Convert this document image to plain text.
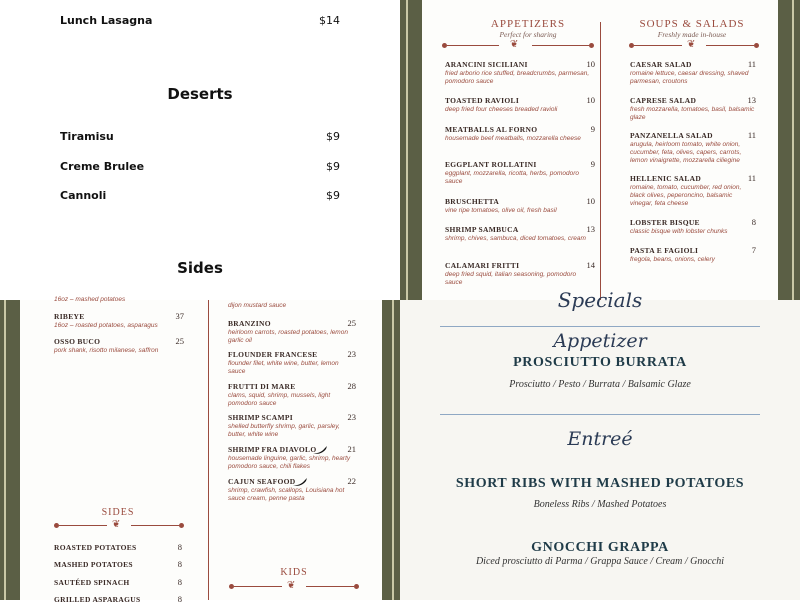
Lunch Lasagna	$14
Deserts
Tiramisu	$9
Creme Brulee	$9
Cannoli	$9
Sides
APPETIZERS
Perfect for sharing
❦
ARANCINI SICILIANI	10
fried arborio rice stuffed, breadcrumbs, parmesan, pomodoro sauce
TOASTED RAVIOLI	10
deep fried four cheeses breaded ravioli
MEATBALLS AL FORNO	9
housemade beef meatballs, mozzarella cheese
EGGPLANT ROLLATINI	9
eggplant, mozzarella, ricotta, herbs, pomodoro sauce
BRUSCHETTA	10
vine ripe tomatoes, olive oil, fresh basil
SHRIMP SAMBUCA	13
shrimp, chives, sambuca, diced tomatoes, cream
CALAMARI FRITTI	14
deep fried squid, italian seasoning, pomodoro sauce
SOUPS & SALADS
Freshly made in-house
❦
CAESAR SALAD	11
romaine lettuce, caesar dressing, shaved parmesan, croutons
CAPRESE SALAD	13
fresh mozzarella, tomatoes, basil, balsamic glaze
PANZANELLA SALAD	11
arugula, heirloom tomato, white onion, cucumber, feta, olives, capers, carrots, lemon vinaigrette, mozzarella ciliegine
HELLENIC SALAD	11
romaine, tomato, cucumber, red onion, black olives, peperoncino, balsamic vinegar, feta cheese
LOBSTER BISQUE	8
classic bisque with lobster chunks
PASTA E FAGIOLI	7
fregola, beans, onions, celery
16oz – mashed potatoes
RIBEYE	37
16oz – roasted potatoes, asparagus
OSSO BUCO	25
pork shank, risotto milanese, saffron
SIDES
❦
ROASTED POTATOES	8
MASHED POTATOES	8
SAUTÉED SPINACH	8
GRILLED ASPARAGUS	8
dijon mustard sauce
BRANZINO	25
heirloom carrots, roasted potatoes, lemon garlic oil
FLOUNDER FRANCESE	23
flounder filet, white wine, butter, lemon sauce
FRUTTI DI MARE	28
clams, squid, shrimp, mussels, light pomodoro sauce
SHRIMP SCAMPI	23
shelled butterfly shrimp, garlic, parsley, butter, white wine
SHRIMP FRA DIAVOLO	21
housemade linguine, garlic, shrimp, hearty pomodoro sauce, chili flakes
CAJUN SEAFOOD	22
shrimp, crawfish, scallops, Louisiana hot sauce cream, penne pasta
KIDS
❦
Specials
Appetizer
PROSCIUTTO BURRATA
Prosciutto / Pesto / Burrata / Balsamic Glaze
Entreé
SHORT RIBS WITH MASHED POTATOES
Boneless Ribs / Mashed Potatoes
GNOCCHI GRAPPA
Diced prosciutto di Parma / Grappa Sauce / Cream / Gnocchi
